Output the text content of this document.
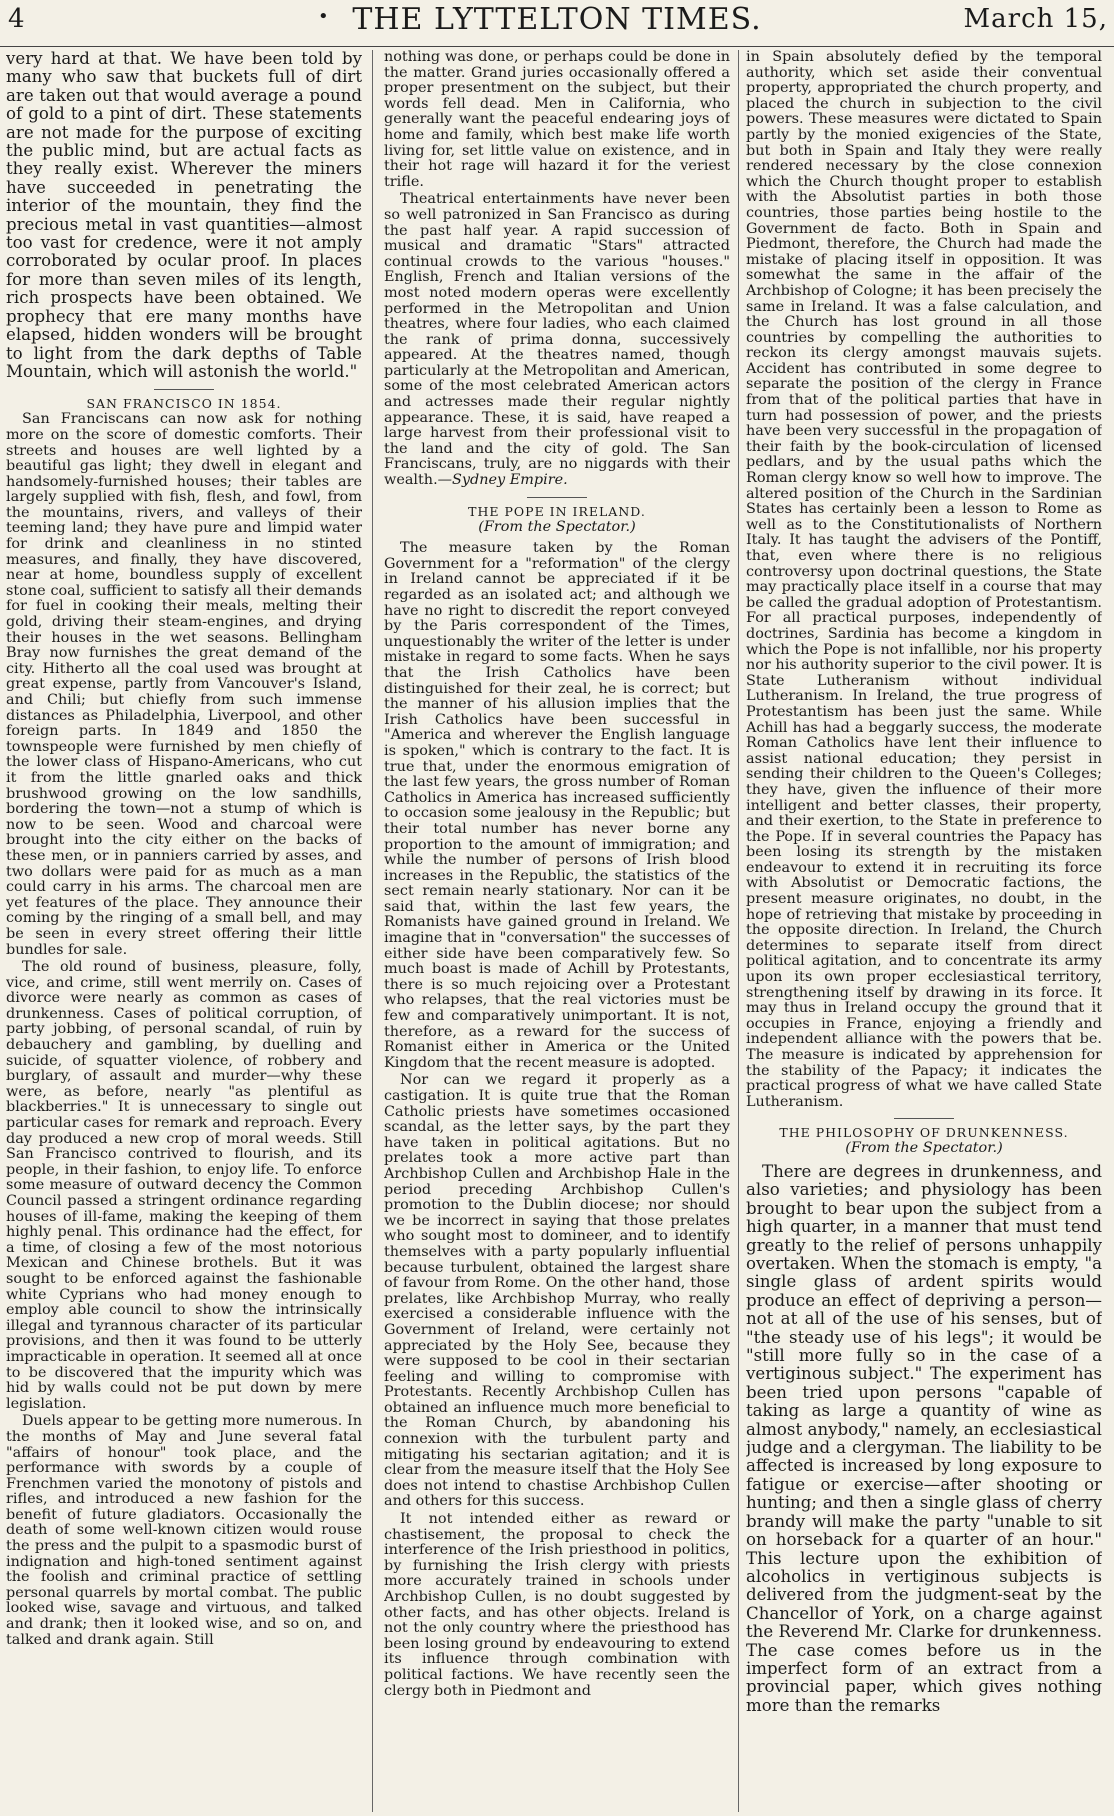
4	• THE LYTTELTON TIMES.	March 15,

very hard at that. We have been told by many who saw that buckets full of dirt are taken out that would average a pound of gold to a pint of dirt. These statements are not made for the purpose of exciting the public mind, but are actual facts as they really exist. Wherever the miners have succeeded in penetrating the interior of the mountain, they find the precious metal in vast quantities—almost too vast for credence, were it not amply corroborated by ocular proof. In places for more than seven miles of its length, rich prospects have been obtained. We prophecy that ere many months have elapsed, hidden wonders will be brought to light from the dark depths of Table Mountain, which will astonish the world."

SAN FRANCISCO IN 1854.

San Franciscans can now ask for nothing more on the score of domestic comforts. Their streets and houses are well lighted by a beautiful gas light; they dwell in elegant and handsomely-furnished houses; their tables are largely supplied with fish, flesh, and fowl, from the mountains, rivers, and valleys of their teeming land; they have pure and limpid water for drink and cleanliness in no stinted measures, and finally, they have discovered, near at home, boundless supply of excellent stone coal, sufficient to satisfy all their demands for fuel in cooking their meals, melting their gold, driving their steam-engines, and drying their houses in the wet seasons. Bellingham Bray now furnishes the great demand of the city. Hitherto all the coal used was brought at great expense, partly from Vancouver's Island, and Chili; but chiefly from such immense distances as Philadelphia, Liverpool, and other foreign parts. In 1849 and 1850 the townspeople were furnished by men chiefly of the lower class of Hispano-Americans, who cut it from the little gnarled oaks and thick brushwood growing on the low sandhills, bordering the town—not a stump of which is now to be seen. Wood and charcoal were brought into the city either on the backs of these men, or in panniers carried by asses, and two dollars were paid for as much as a man could carry in his arms. The charcoal men are yet features of the place. They announce their coming by the ringing of a small bell, and may be seen in every street offering their little bundles for sale.

The old round of business, pleasure, folly, vice, and crime, still went merrily on. Cases of divorce were nearly as common as cases of drunkenness. Cases of political corruption, of party jobbing, of personal scandal, of ruin by debauchery and gambling, by duelling and suicide, of squatter violence, of robbery and burglary, of assault and murder—why these were, as before, nearly "as plentiful as blackberries." It is unnecessary to single out particular cases for remark and reproach. Every day produced a new crop of moral weeds. Still San Francisco contrived to flourish, and its people, in their fashion, to enjoy life. To enforce some measure of outward decency the Common Council passed a stringent ordinance regarding houses of ill-fame, making the keeping of them highly penal. This ordinance had the effect, for a time, of closing a few of the most notorious Mexican and Chinese brothels. But it was sought to be enforced against the fashionable white Cyprians who had money enough to employ able council to show the intrinsically illegal and tyrannous character of its particular provisions, and then it was found to be utterly impracticable in operation. It seemed all at once to be discovered that the impurity which was hid by walls could not be put down by mere legislation.

Duels appear to be getting more numerous. In the months of May and June several fatal "affairs of honour" took place, and the performance with swords by a couple of Frenchmen varied the monotony of pistols and rifles, and introduced a new fashion for the benefit of future gladiators. Occasionally the death of some well-known citizen would rouse the press and the pulpit to a spasmodic burst of indignation and high-toned sentiment against the foolish and criminal practice of settling personal quarrels by mortal combat. The public looked wise, savage and virtuous, and talked and drank; then it looked wise, and so on, and talked and drank again. Still

nothing was done, or perhaps could be done in the matter. Grand juries occasionally offered a proper presentment on the subject, but their words fell dead. Men in California, who generally want the peaceful endearing joys of home and family, which best make life worth living for, set little value on existence, and in their hot rage will hazard it for the veriest trifle.

Theatrical entertainments have never been so well patronized in San Francisco as during the past half year. A rapid succession of musical and dramatic "Stars" attracted continual crowds to the various "houses." English, French and Italian versions of the most noted modern operas were excellently performed in the Metropolitan and Union theatres, where four ladies, who each claimed the rank of prima donna, successively appeared. At the theatres named, though particularly at the Metropolitan and American, some of the most celebrated American actors and actresses made their regular nightly appearance. These, it is said, have reaped a large harvest from their professional visit to the land and the city of gold. The San Franciscans, truly, are no niggards with their wealth.—Sydney Empire.

THE POPE IN IRELAND.

(From the Spectator.)

The measure taken by the Roman Government for a "reformation" of the clergy in Ireland cannot be appreciated if it be regarded as an isolated act; and although we have no right to discredit the report conveyed by the Paris correspondent of the Times, unquestionably the writer of the letter is under mistake in regard to some facts. When he says that the Irish Catholics have been distinguished for their zeal, he is correct; but the manner of his allusion implies that the Irish Catholics have been successful in "America and wherever the English language is spoken," which is contrary to the fact. It is true that, under the enormous emigration of the last few years, the gross number of Roman Catholics in America has increased sufficiently to occasion some jealousy in the Republic; but their total number has never borne any proportion to the amount of immigration; and while the number of persons of Irish blood increases in the Republic, the statistics of the sect remain nearly stationary. Nor can it be said that, within the last few years, the Romanists have gained ground in Ireland. We imagine that in "conversation" the successes of either side have been comparatively few. So much boast is made of Achill by Protestants, there is so much rejoicing over a Protestant who relapses, that the real victories must be few and comparatively unimportant. It is not, therefore, as a reward for the success of Romanist either in America or the United Kingdom that the recent measure is adopted.

Nor can we regard it properly as a castigation. It is quite true that the Roman Catholic priests have sometimes occasioned scandal, as the letter says, by the part they have taken in political agitations. But no prelates took a more active part than Archbishop Cullen and Archbishop Hale in the period preceding Archbishop Cullen's promotion to the Dublin diocese; nor should we be incorrect in saying that those prelates who sought most to domineer, and to identify themselves with a party popularly influential because turbulent, obtained the largest share of favour from Rome. On the other hand, those prelates, like Archbishop Murray, who really exercised a considerable influence with the Government of Ireland, were certainly not appreciated by the Holy See, because they were supposed to be cool in their sectarian feeling and willing to compromise with Protestants. Recently Archbishop Cullen has obtained an influence much more beneficial to the Roman Church, by abandoning his connexion with the turbulent party and mitigating his sectarian agitation; and it is clear from the measure itself that the Holy See does not intend to chastise Archbishop Cullen and others for this success.

It not intended either as reward or chastisement, the proposal to check the interference of the Irish priesthood in politics, by furnishing the Irish clergy with priests more accurately trained in schools under Archbishop Cullen, is no doubt suggested by other facts, and has other objects. Ireland is not the only country where the priesthood has been losing ground by endeavouring to extend its influence through combination with political factions. We have recently seen the clergy both in Piedmont and

in Spain absolutely defied by the temporal authority, which set aside their conventual property, appropriated the church property, and placed the church in subjection to the civil powers. These measures were dictated to Spain partly by the monied exigencies of the State, but both in Spain and Italy they were really rendered necessary by the close connexion which the Church thought proper to establish with the Absolutist parties in both those countries, those parties being hostile to the Government de facto. Both in Spain and Piedmont, therefore, the Church had made the mistake of placing itself in opposition. It was somewhat the same in the affair of the Archbishop of Cologne; it has been precisely the same in Ireland. It was a false calculation, and the Church has lost ground in all those countries by compelling the authorities to reckon its clergy amongst mauvais sujets. Accident has contributed in some degree to separate the position of the clergy in France from that of the political parties that have in turn had possession of power, and the priests have been very successful in the propagation of their faith by the book-circulation of licensed pedlars, and by the usual paths which the Roman clergy know so well how to improve. The altered position of the Church in the Sardinian States has certainly been a lesson to Rome as well as to the Constitutionalists of Northern Italy. It has taught the advisers of the Pontiff, that, even where there is no religious controversy upon doctrinal questions, the State may practically place itself in a course that may be called the gradual adoption of Protestantism. For all practical purposes, independently of doctrines, Sardinia has become a kingdom in which the Pope is not infallible, nor his property nor his authority superior to the civil power. It is State Lutheranism without individual Lutheranism. In Ireland, the true progress of Protestantism has been just the same. While Achill has had a beggarly success, the moderate Roman Catholics have lent their influence to assist national education; they persist in sending their children to the Queen's Colleges; they have, given the influence of their more intelligent and better classes, their property, and their exertion, to the State in preference to the Pope. If in several countries the Papacy has been losing its strength by the mistaken endeavour to extend it in recruiting its force with Absolutist or Democratic factions, the present measure originates, no doubt, in the hope of retrieving that mistake by proceeding in the opposite direction. In Ireland, the Church determines to separate itself from direct political agitation, and to concentrate its army upon its own proper ecclesiastical territory, strengthening itself by drawing in its force. It may thus in Ireland occupy the ground that it occupies in France, enjoying a friendly and independent alliance with the powers that be. The measure is indicated by apprehension for the stability of the Papacy; it indicates the practical progress of what we have called State Lutheranism.

THE PHILOSOPHY OF DRUNKENNESS.

(From the Spectator.)

There are degrees in drunkenness, and also varieties; and physiology has been brought to bear upon the subject from a high quarter, in a manner that must tend greatly to the relief of persons unhappily overtaken. When the stomach is empty, "a single glass of ardent spirits would produce an effect of depriving a person—not at all of the use of his senses, but of "the steady use of his legs"; it would be "still more fully so in the case of a vertiginous subject." The experiment has been tried upon persons "capable of taking as large a quantity of wine as almost anybody," namely, an ecclesiastical judge and a clergyman. The liability to be affected is increased by long exposure to fatigue or exercise—after shooting or hunting; and then a single glass of cherry brandy will make the party "unable to sit on horseback for a quarter of an hour." This lecture upon the exhibition of alcoholics in vertiginous subjects is delivered from the judgment-seat by the Chancellor of York, on a charge against the Reverend Mr. Clarke for drunkenness. The case comes before us in the imperfect form of an extract from a provincial paper, which gives nothing more than the remarks
